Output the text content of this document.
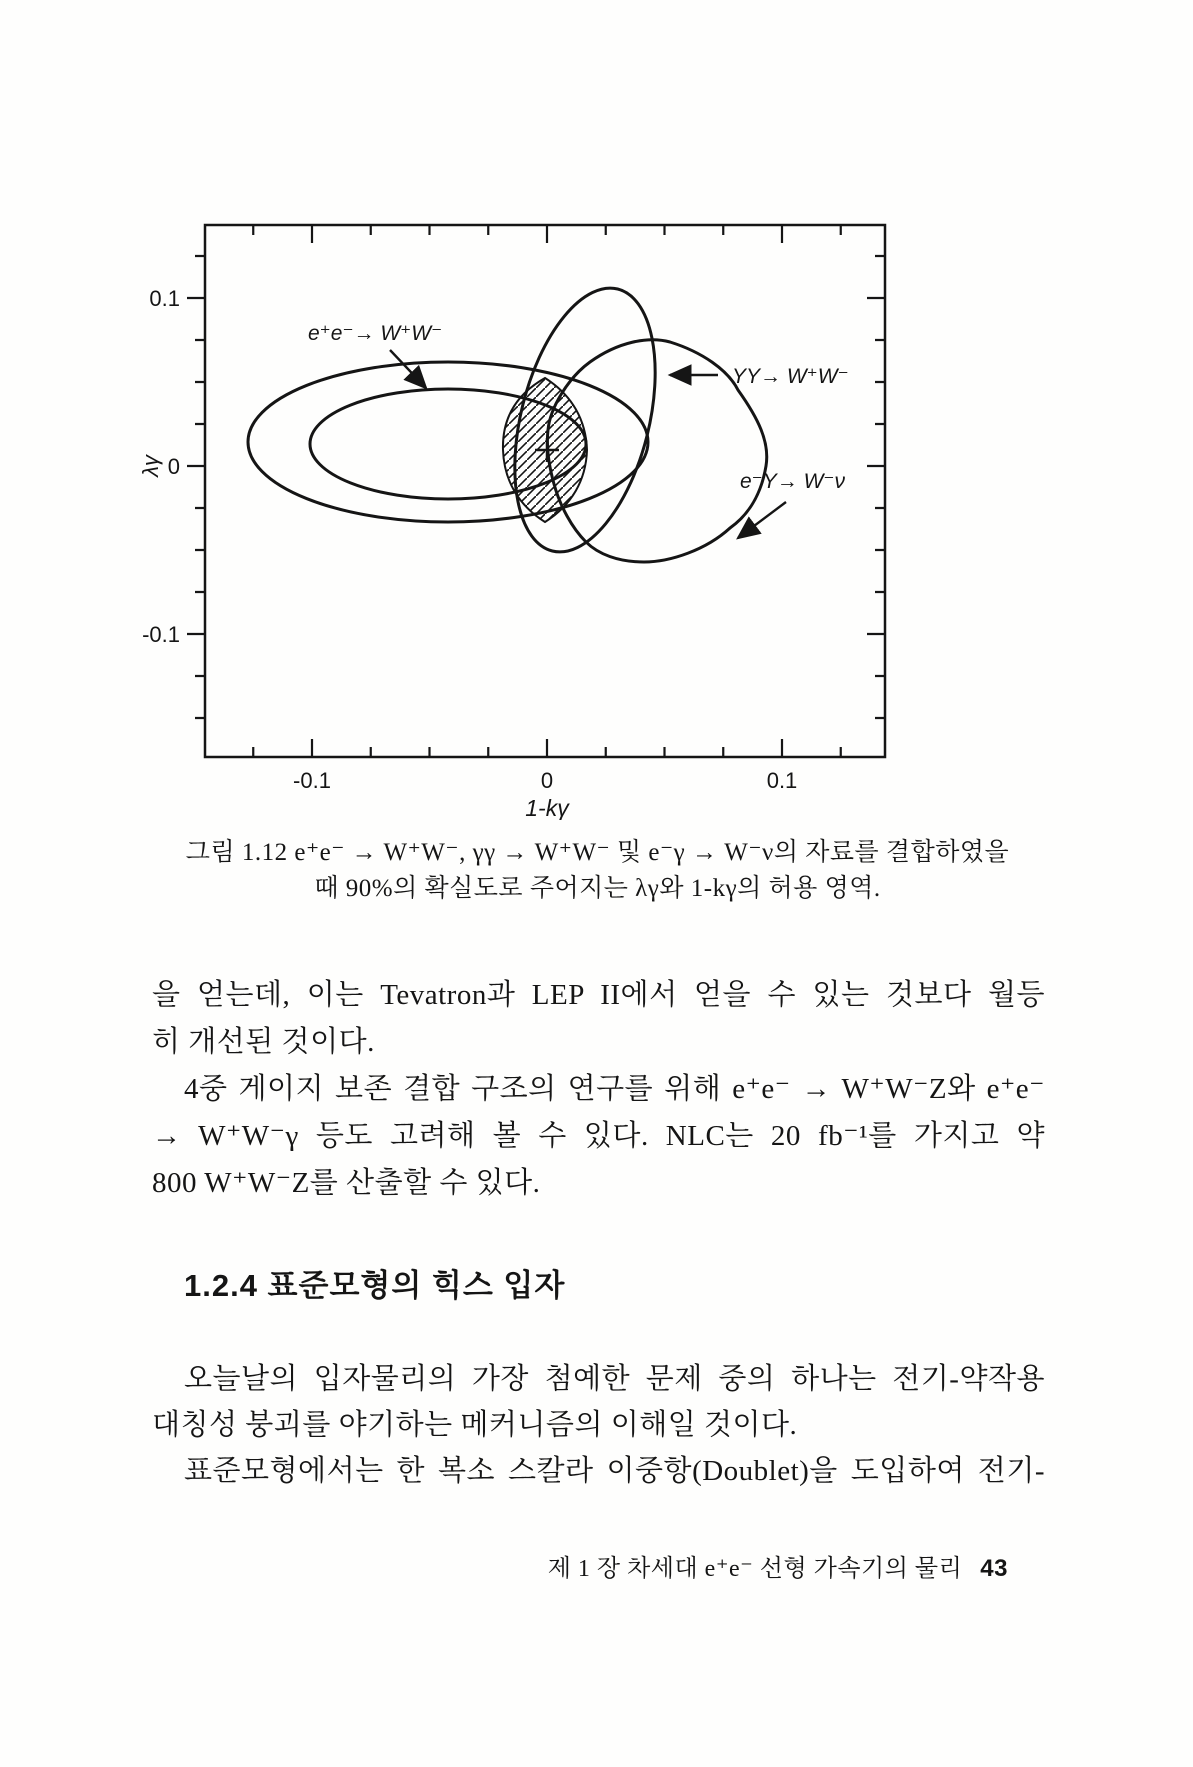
0.1
0
-0.1
-0.1	0	0.1
λγ
1-kγ
e⁺e⁻→ W⁺W⁻
YY→ W⁺W⁻
e⁻Y→ W⁻ν
그림 1.12 e⁺e⁻ → W⁺W⁻, γγ → W⁺W⁻ 및 e⁻γ → W⁻ν의 자료를 결합하였을
때 90%의 확실도로 주어지는 λγ와 1-kγ의 허용 영역.
을 얻는데, 이는 Tevatron과 LEP II에서 얻을 수 있는 것보다 월등
히 개선된 것이다.
4중 게이지 보존 결합 구조의 연구를 위해 e⁺e⁻ → W⁺W⁻Z와 e⁺e⁻
→ W⁺W⁻γ 등도 고려해 볼 수 있다. NLC는 20 fb⁻¹를 가지고 약
800 W⁺W⁻Z를 산출할 수 있다.
1.2.4 표준모형의 힉스 입자
오늘날의 입자물리의 가장 첨예한 문제 중의 하나는 전기-약작용
대칭성 붕괴를 야기하는 메커니즘의 이해일 것이다.
표준모형에서는 한 복소 스칼라 이중항(Doublet)을 도입하여 전기-
제 1 장 차세대 e⁺e⁻ 선형 가속기의 물리 43
